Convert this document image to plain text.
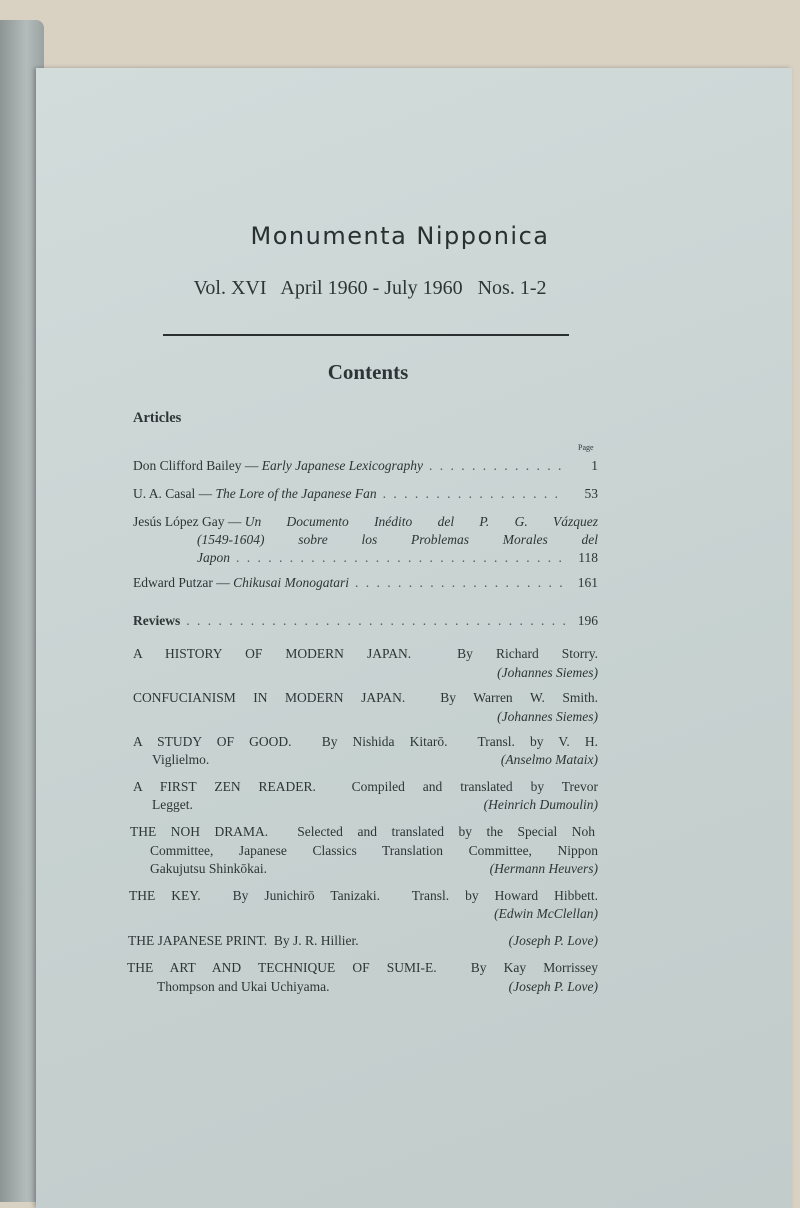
Monumenta Nipponica
Vol. XVI   April 1960 - July 1960   Nos. 1-2
Contents
Articles
Page
Don Clifford Bailey —
Early Japanese Lexicography . . .	1
U. A. Casal —
The Lore of the Japanese Fan . . .	53
Jesús López Gay —
Un Documento Inédito del P. G. Vázquez
(1549-1604) sobre los Problemas Morales del
Japon . . .	118
Edward Putzar —
Chikusai Monogatari . . .	161
Reviews . . .	196
A HISTORY OF MODERN JAPAN.  By Richard Storry.
(Johannes Siemes)
CONFUCIANISM IN MODERN JAPAN.  By Warren W. Smith.
(Johannes Siemes)
A STUDY OF GOOD.  By Nishida Kitarō.  Transl. by V. H.
Viglielmo.	(Anselmo Mataix)
A FIRST ZEN READER.  Compiled and translated by Trevor
Legget.	(Heinrich Dumoulin)
THE NOH DRAMA.  Selected and translated by the Special Noh
Committee, Japanese Classics Translation Committee, Nippon
Gakujutsu Shinkōkai.	(Hermann Heuvers)
THE KEY.  By Junichirō Tanizaki.  Transl. by Howard Hibbett.
(Edwin McClellan)
THE JAPANESE PRINT.  By J. R. Hillier.	(Joseph P. Love)
THE ART AND TECHNIQUE OF SUMI-E.  By Kay Morrissey
Thompson and Ukai Uchiyama.	(Joseph P. Love)
